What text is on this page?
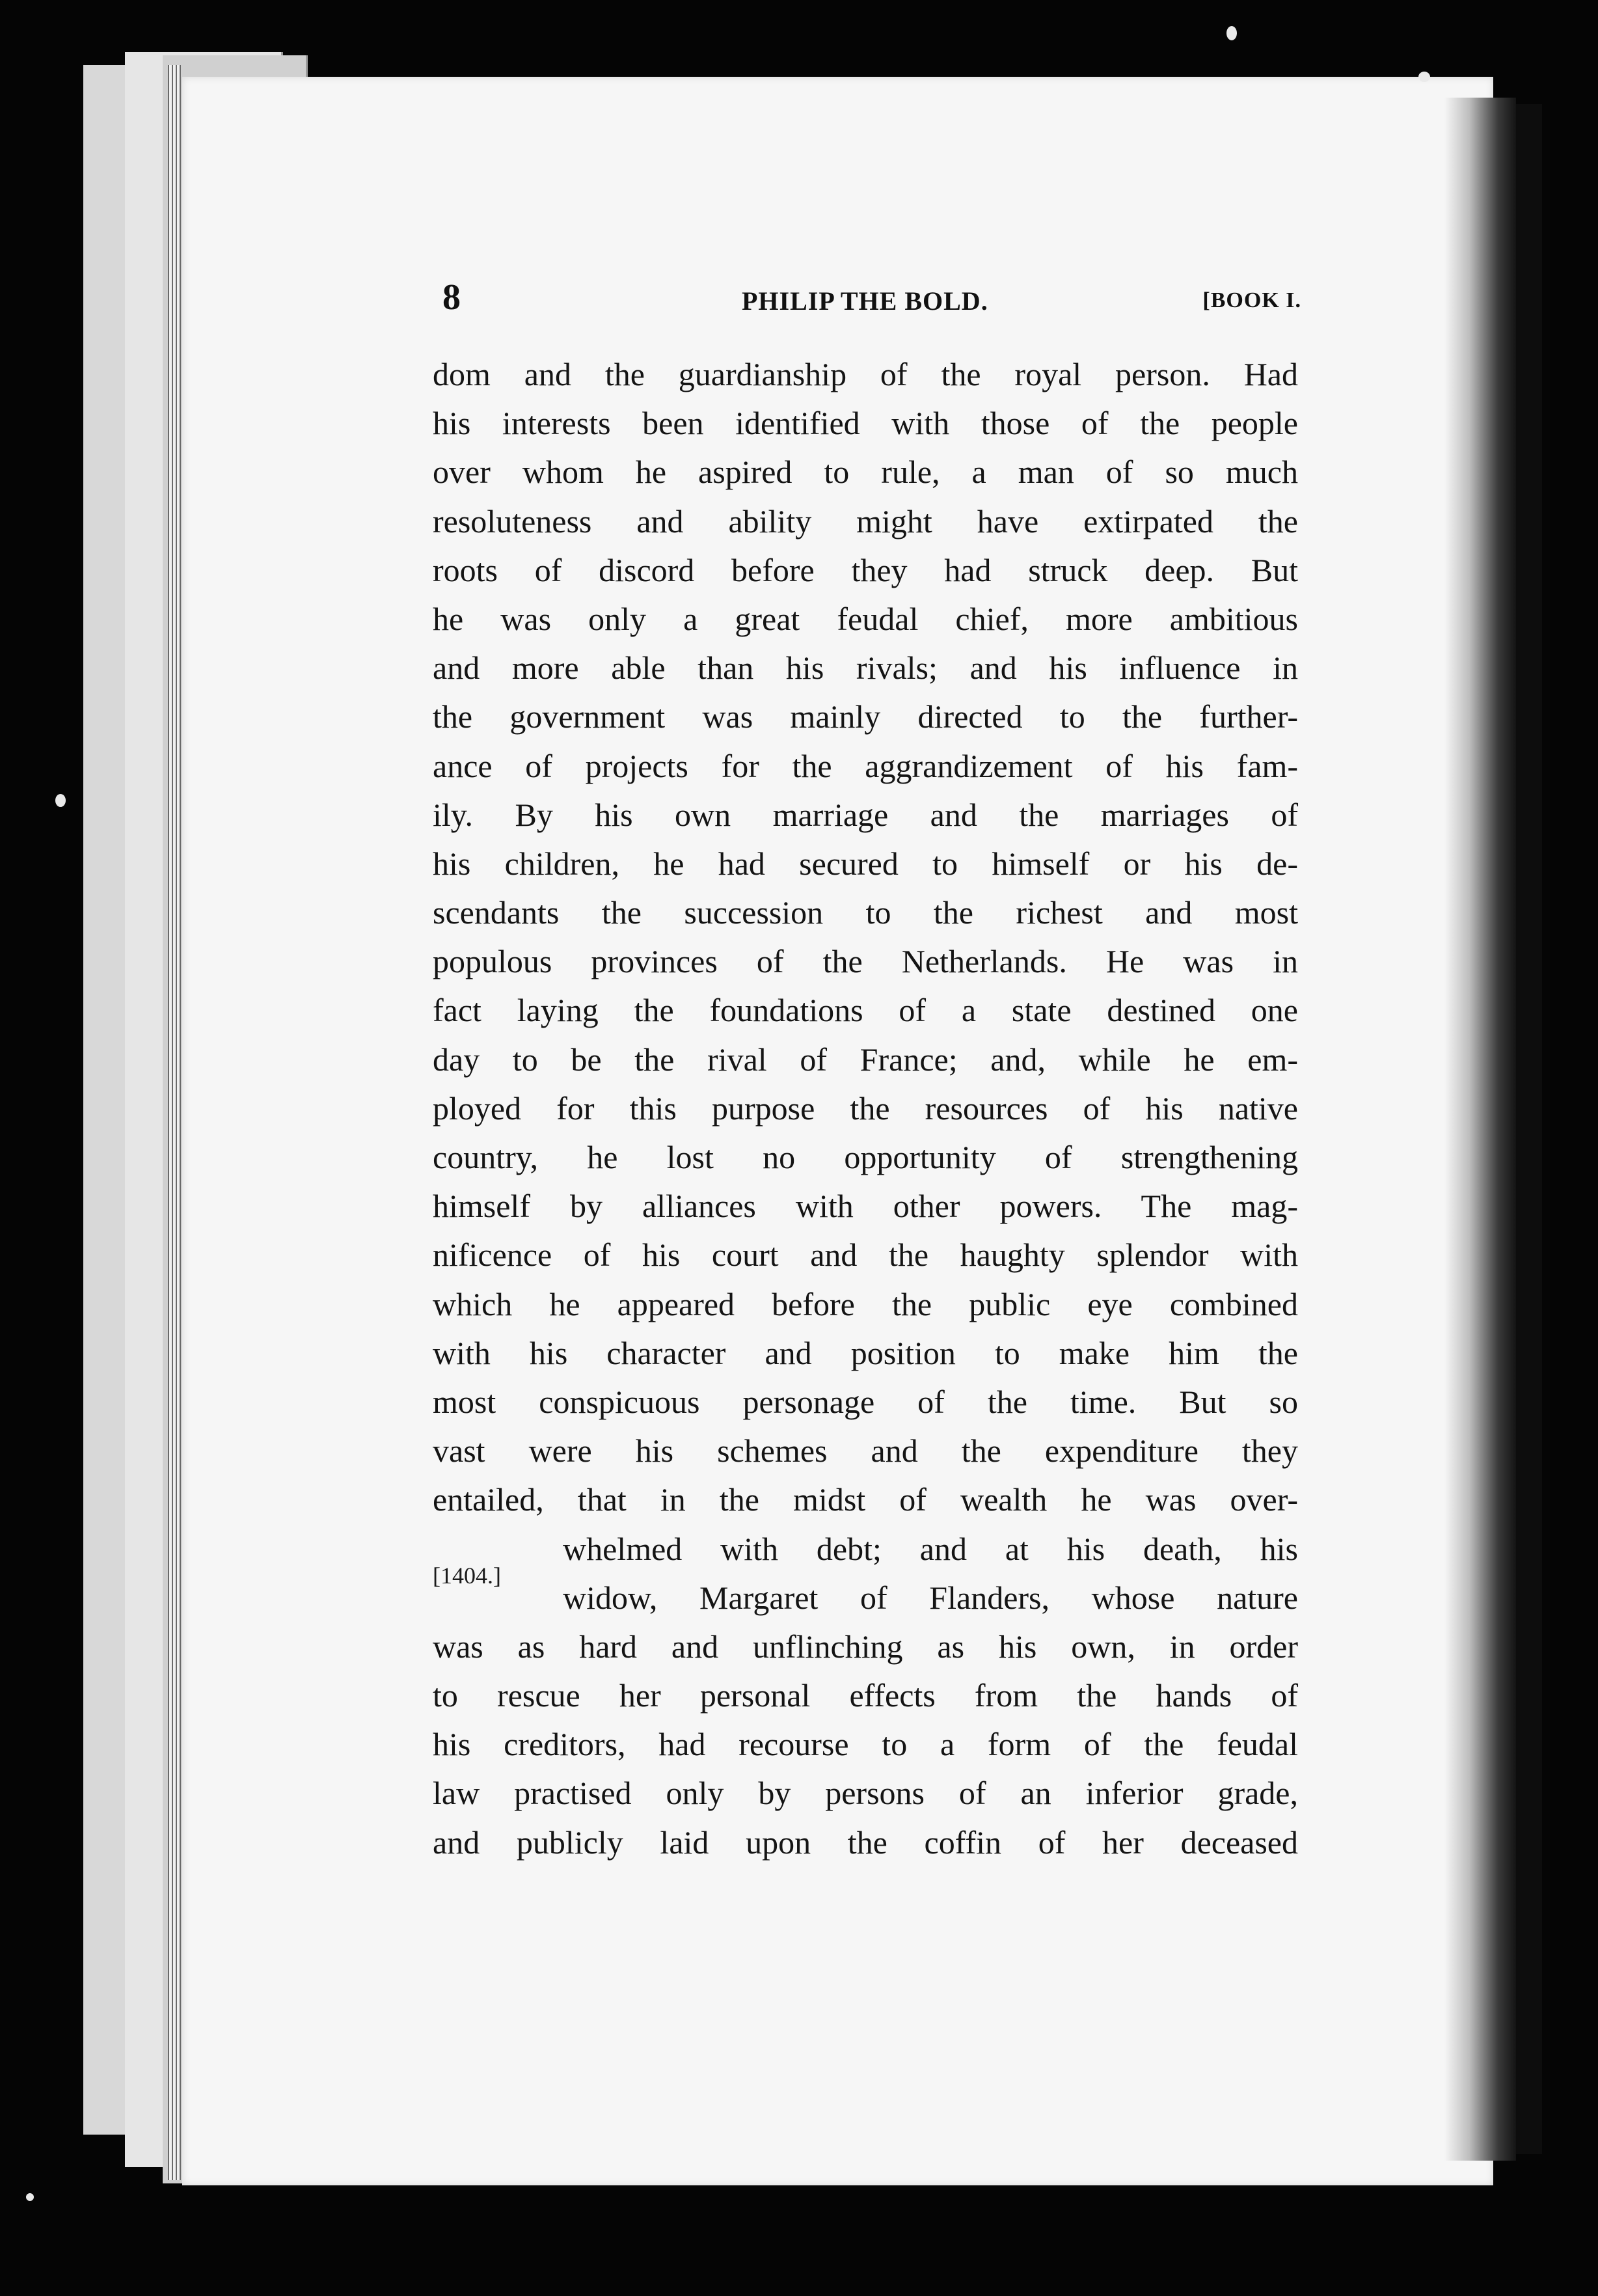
8	PHILIP THE BOLD.	[BOOK I.
dom and the guardianship of the royal person. Had
his interests been identified with those of the people
over whom he aspired to rule, a man of so much
resoluteness and ability might have extirpated the
roots of discord before they had struck deep. But
he was only a great feudal chief, more ambitious
and more able than his rivals; and his influence in
the government was mainly directed to the further-
ance of projects for the aggrandizement of his fam-
ily. By his own marriage and the marriages of
his children, he had secured to himself or his de-
scendants the succession to the richest and most
populous provinces of the Netherlands. He was in
fact laying the foundations of a state destined one
day to be the rival of France; and, while he em-
ployed for this purpose the resources of his native
country, he lost no opportunity of strengthening
himself by alliances with other powers. The mag-
nificence of his court and the haughty splendor with
which he appeared before the public eye combined
with his character and position to make him the
most conspicuous personage of the time. But so
vast were his schemes and the expenditure they
entailed, that in the midst of wealth he was over-
whelmed with debt; and at his death, his
widow, Margaret of Flanders, whose nature
was as hard and unflinching as his own, in order
to rescue her personal effects from the hands of
his creditors, had recourse to a form of the feudal
law practised only by persons of an inferior grade,
and publicly laid upon the coffin of her deceased
[1404.]
